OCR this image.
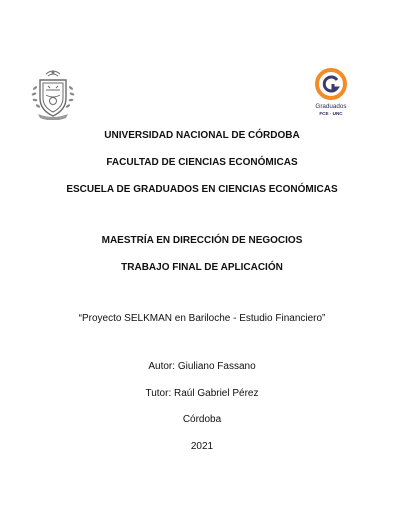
Graduados
FCE · UNC
UNIVERSIDAD NACIONAL DE CÓRDOBA
FACULTAD DE CIENCIAS ECONÓMICAS
ESCUELA DE GRADUADOS EN CIENCIAS ECONÓMICAS
MAESTRÍA EN DIRECCIÓN DE NEGOCIOS
TRABAJO FINAL DE APLICACIÓN
“Proyecto SELKMAN en Bariloche - Estudio Financiero”
Autor: Giuliano Fassano
Tutor: Raúl Gabriel Pérez
Córdoba
2021
